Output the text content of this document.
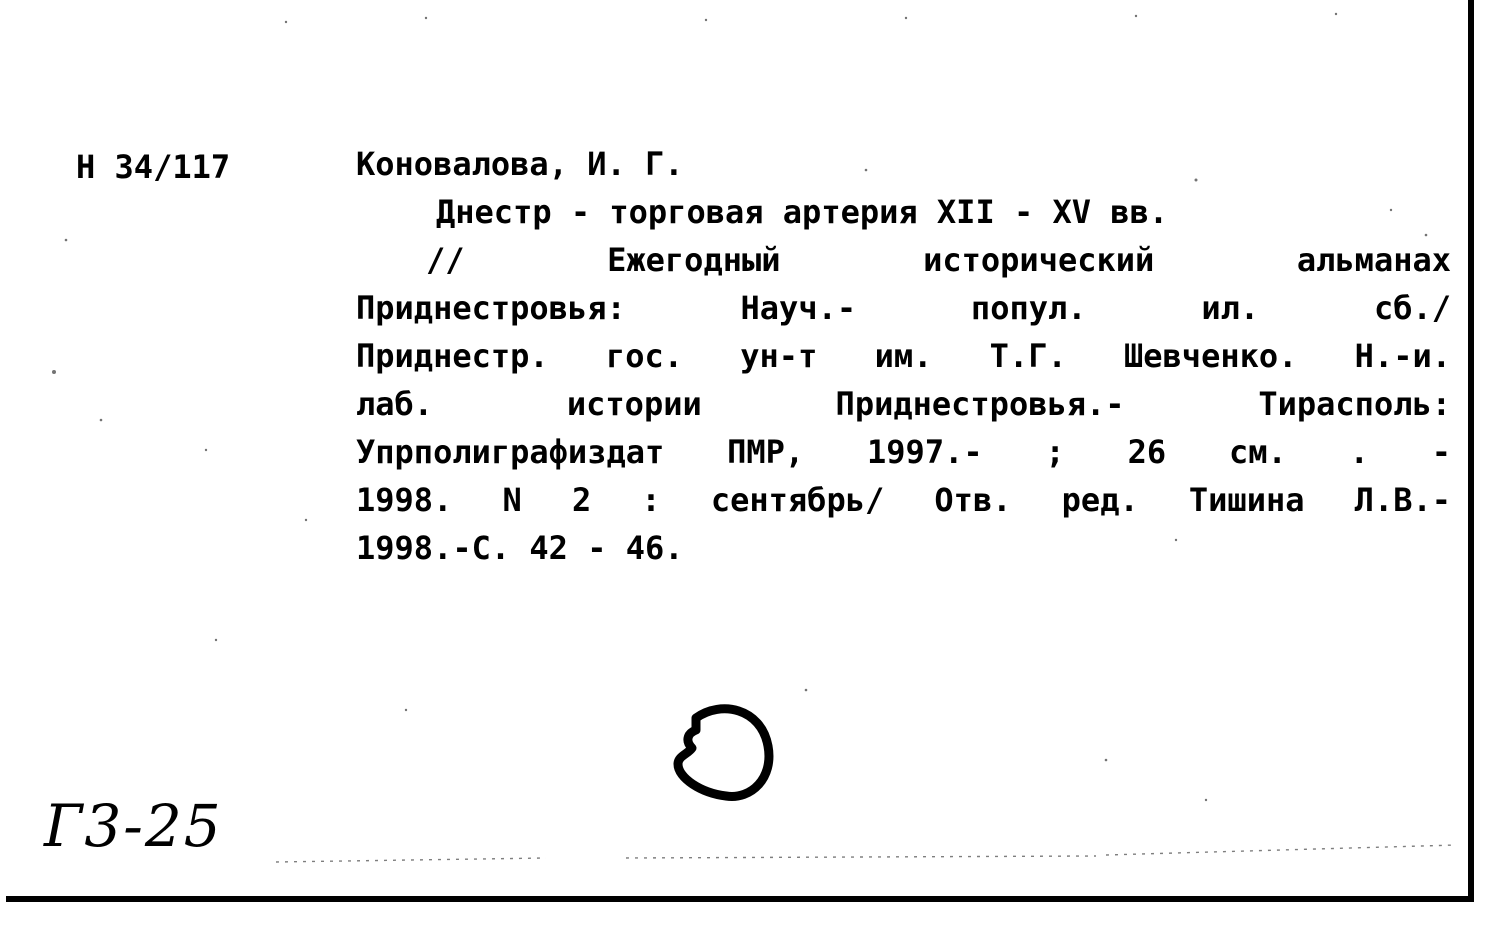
Н 34/117	Коновалова, И. Г.
Днестр - торговая артерия XII - XV вв.
// Ежегодный исторический альманах
Приднестровья: Науч.- попул. ил. сб./
Приднестр. гос. ун-т им. Т.Г. Шевченко. Н.-и.
лаб. истории Приднестровья.- Тирасполь:
Упрполиграфиздат ПМР, 1997.- ; 26 см. . -
1998. N 2 : сентябрь/ Отв. ред. Тишина Л.В.-
1998.-С. 42 - 46.
Г3-25
